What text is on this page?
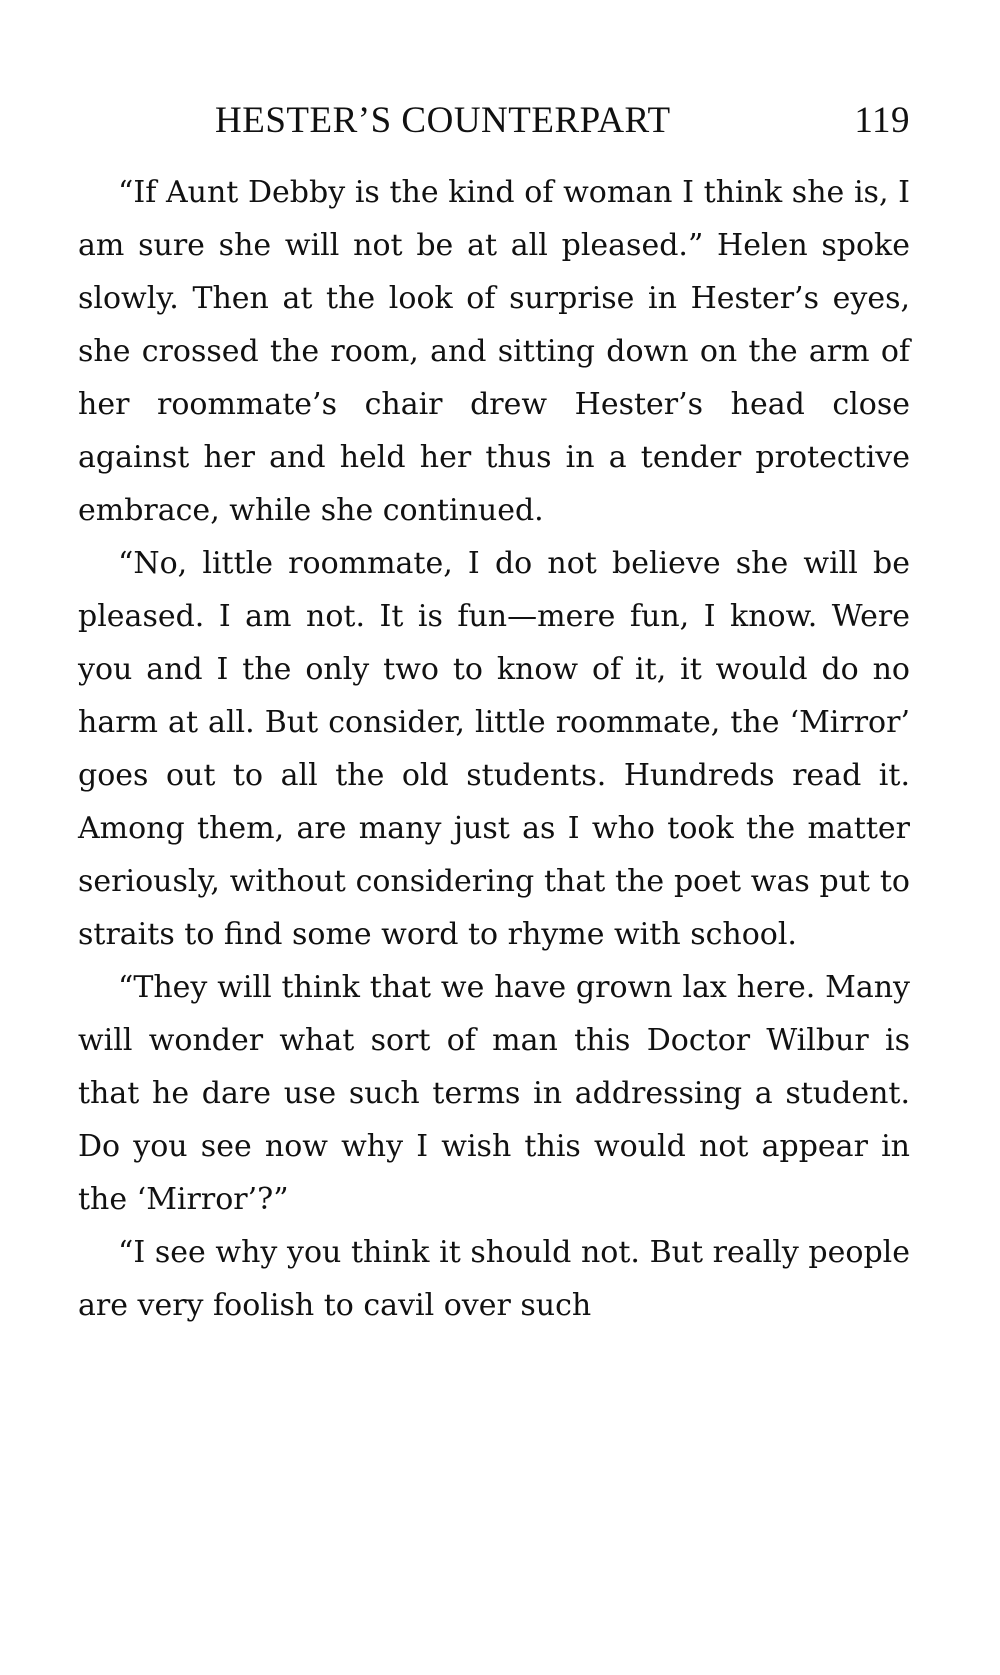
HESTER’S COUNTERPART	119

“If Aunt Debby is the kind of woman I think she is, I am sure she will not be at all pleased.” Helen spoke slowly. Then at the look of surprise in Hester’s eyes, she crossed the room, and sitting down on the arm of her roommate’s chair drew Hester’s head close against her and held her thus in a tender protective embrace, while she continued.

“No, little roommate, I do not believe she will be pleased. I am not. It is fun—mere fun, I know. Were you and I the only two to know of it, it would do no harm at all. But consider, little roommate, the ‘Mirror’ goes out to all the old students. Hundreds read it. Among them, are many just as I who took the matter seriously, without considering that the poet was put to straits to find some word to rhyme with school.

“They will think that we have grown lax here. Many will wonder what sort of man this Doctor Wilbur is that he dare use such terms in addressing a student. Do you see now why I wish this would not appear in the ‘Mirror’?”

“I see why you think it should not. But really people are very foolish to cavil over such
